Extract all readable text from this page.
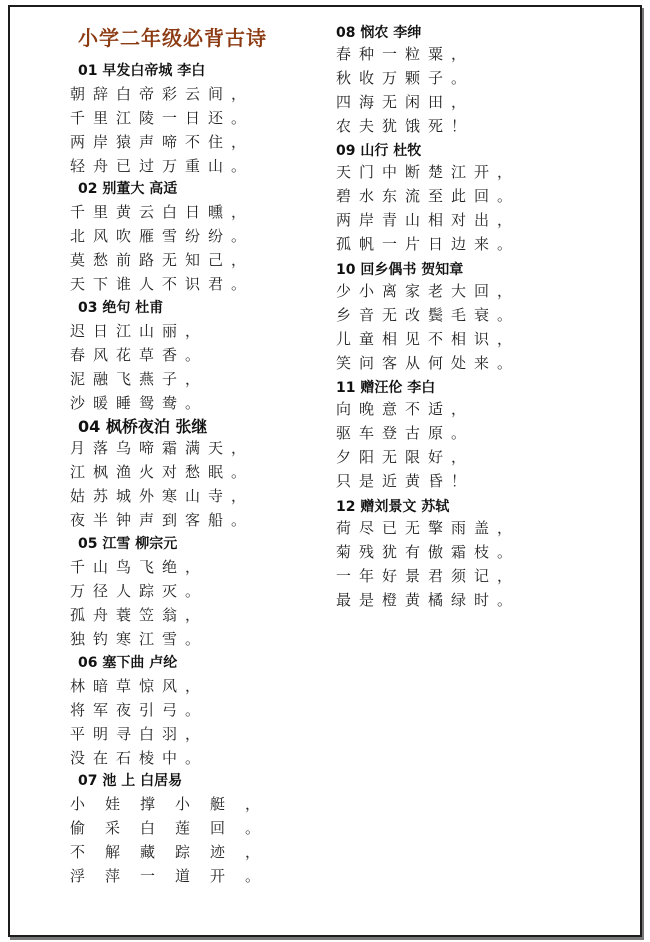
小学二年级必背古诗
01 早发白帝城 李白
朝辞白帝彩云间，
千里江陵一日还。
两岸猿声啼不住，
轻舟已过万重山。
02 别董大 高适
千里黄云白日曛，
北风吹雁雪纷纷。
莫愁前路无知己，
天下谁人不识君。
03 绝句 杜甫
迟日江山丽，
春风花草香。
泥融飞燕子，
沙暖睡鸳鸯。
04 枫桥夜泊 张继
月落乌啼霜满天，
江枫渔火对愁眠。
姑苏城外寒山寺，
夜半钟声到客船。
05 江雪 柳宗元
千山鸟飞绝，
万径人踪灭。
孤舟蓑笠翁，
独钓寒江雪。
06 塞下曲 卢纶
林暗草惊风，
将军夜引弓。
平明寻白羽，
没在石棱中。
07 池 上 白居易
小娃撑小艇，
偷采白莲回。
不解藏踪迹，
浮萍一道开。
08 悯农 李绅
春种一粒粟，
秋收万颗子。
四海无闲田，
农夫犹饿死！
09 山行 杜牧
天门中断楚江开，
碧水东流至此回。
两岸青山相对出，
孤帆一片日边来。
10 回乡偶书 贺知章
少小离家老大回，
乡音无改鬓毛衰。
儿童相见不相识，
笑问客从何处来。
11 赠汪伦 李白
向晚意不适，
驱车登古原。
夕阳无限好，
只是近黄昏！
12 赠刘景文 苏轼
荷尽已无擎雨盖，
菊残犹有傲霜枝。
一年好景君须记，
最是橙黄橘绿时。
